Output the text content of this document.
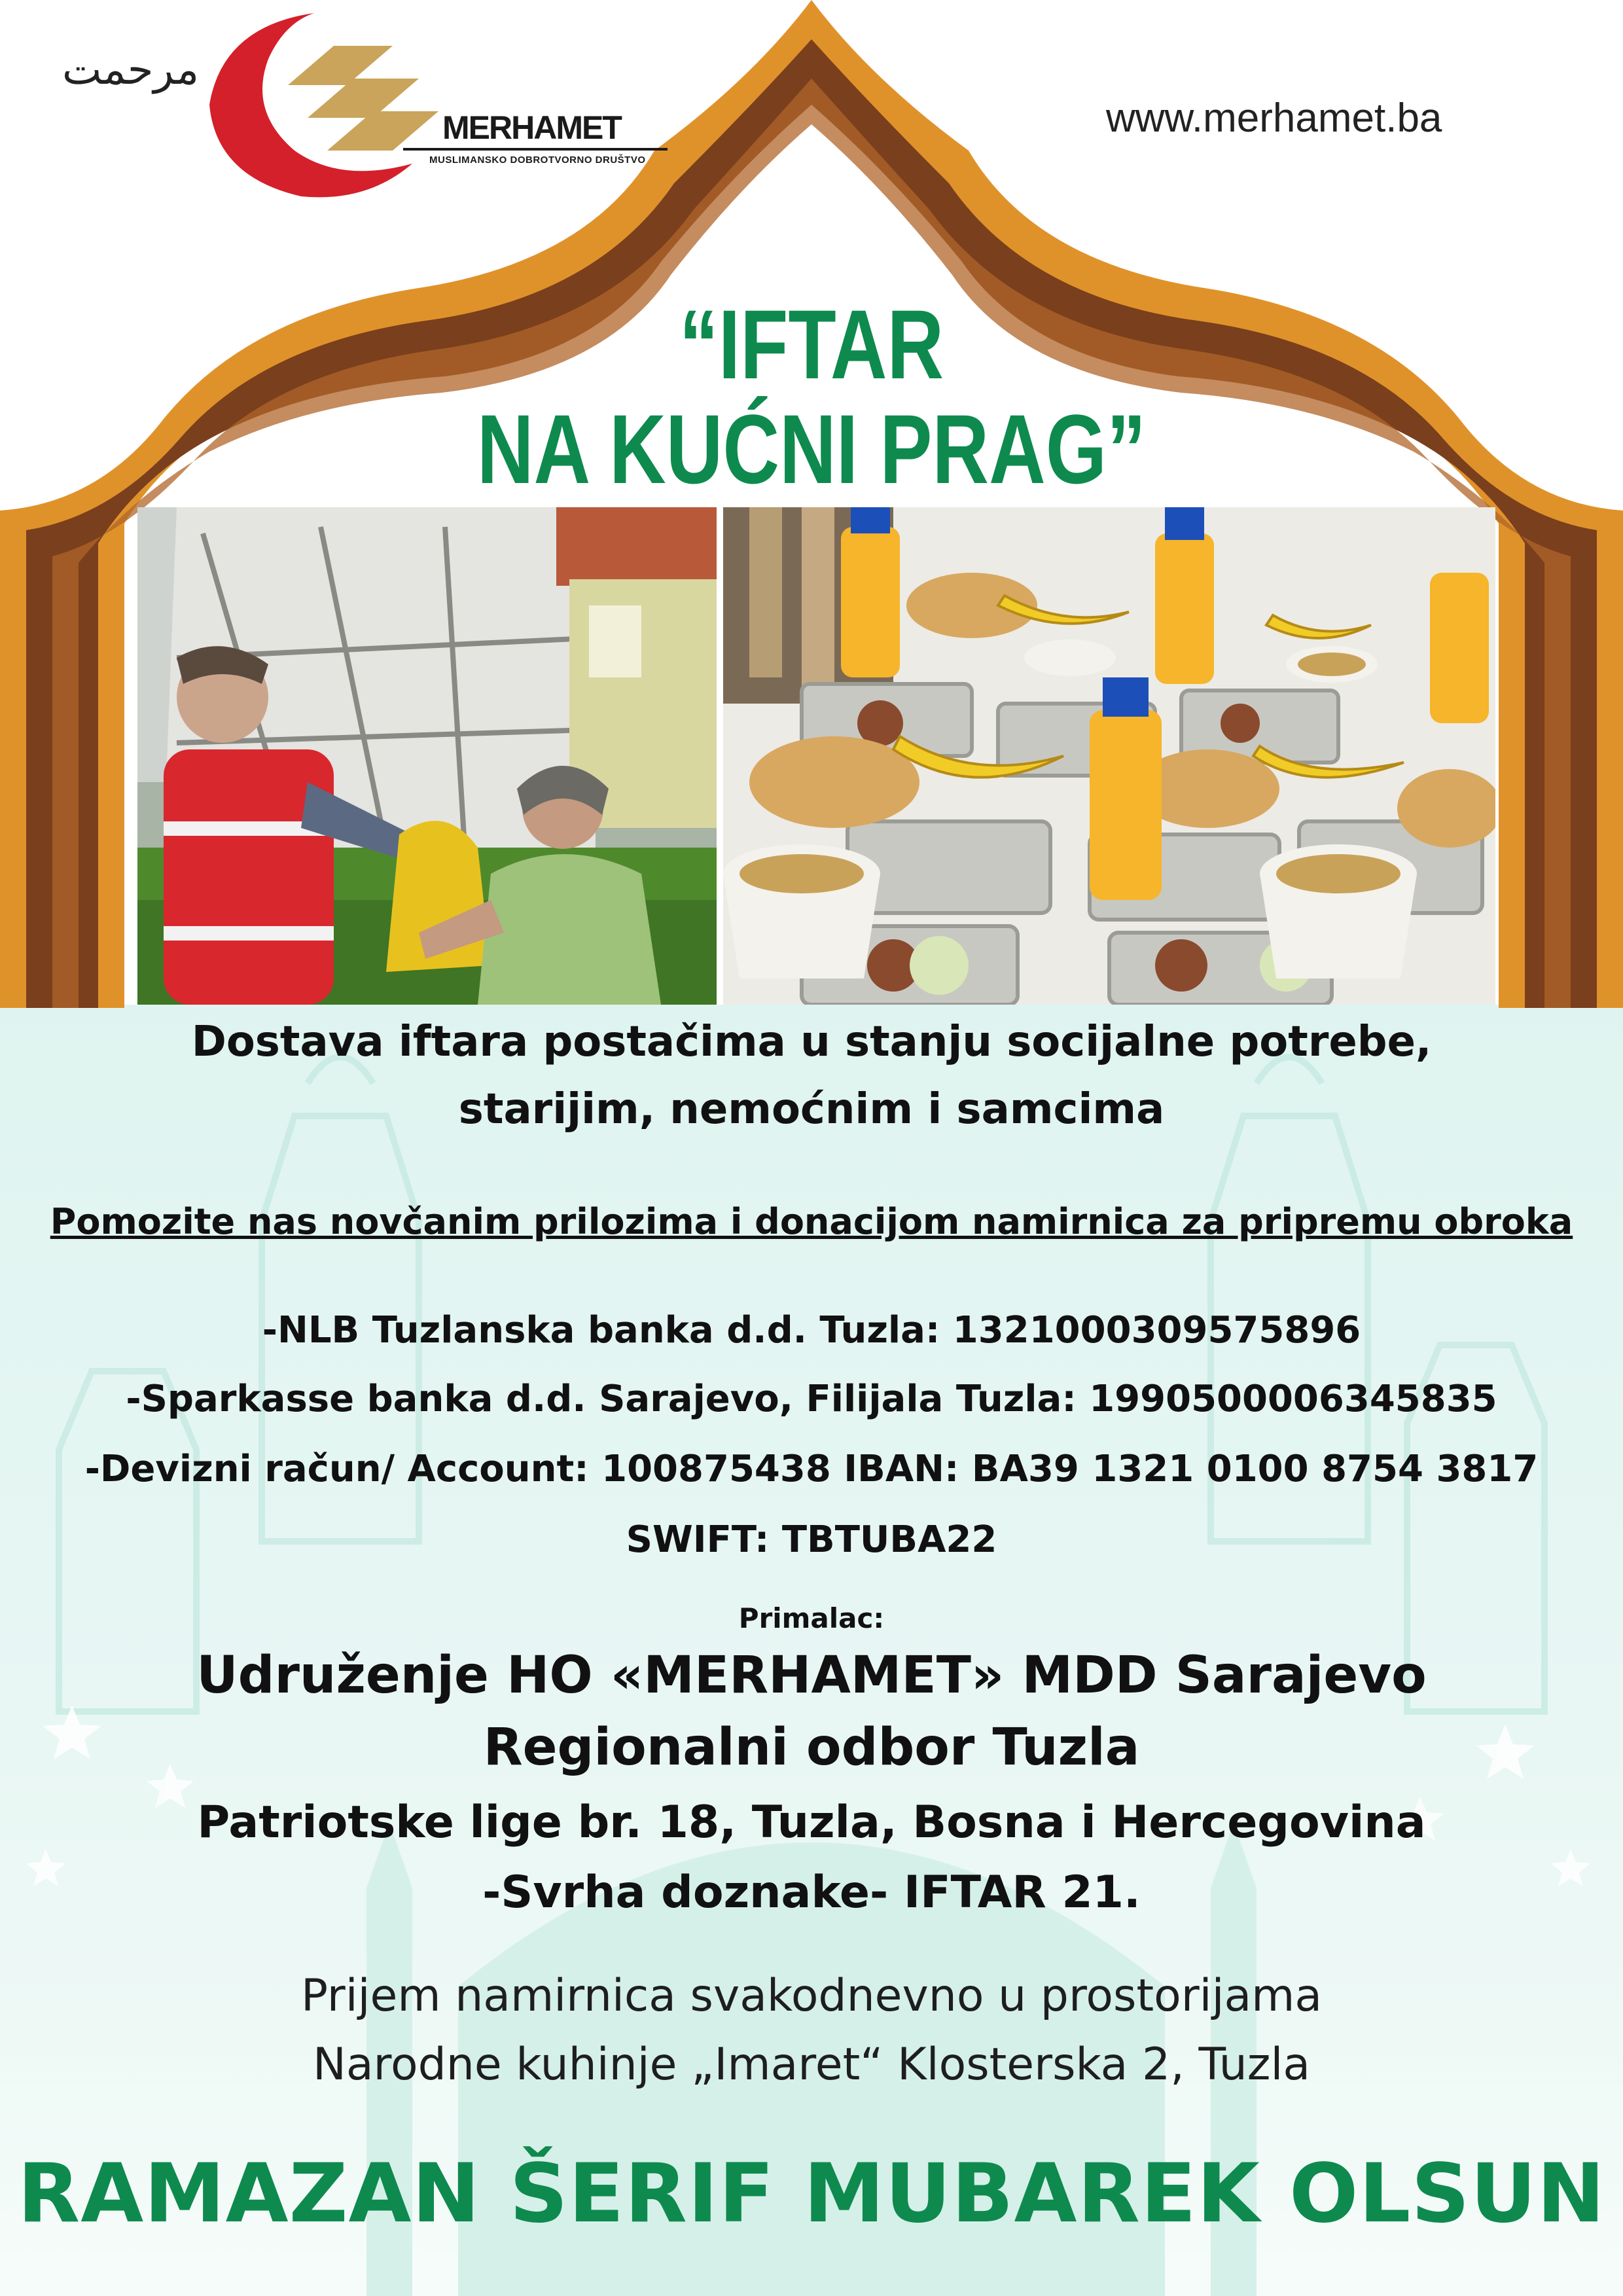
مرحمت
MERHAMET
MUSLIMANSKO DOBROTVORNO DRUŠTVO
www.merhamet.ba
“IFTAR
NA KUĆNI PRAG”
Dostava iftara postačima u stanju socijalne potrebe,
starijim, nemoćnim i samcima
Pomozite nas novčanim prilozima i donacijom namirnica za pripremu obroka
-NLB Tuzlanska banka d.d. Tuzla: 1321000309575896
-Sparkasse banka d.d. Sarajevo, Filijala Tuzla: 1990500006345835
-Devizni račun/ Account: 100875438 IBAN: BA39 1321 0100 8754 3817
SWIFT: TBTUBA22
Primalac:
Udruženje HO «MERHAMET» MDD Sarajevo
Regionalni odbor Tuzla
Patriotske lige br. 18, Tuzla, Bosna i Hercegovina
-Svrha doznake- IFTAR 21.
Prijem namirnica svakodnevno u prostorijama
Narodne kuhinje „Imaret“ Klosterska 2, Tuzla
RAMAZAN ŠERIF MUBAREK OLSUN
